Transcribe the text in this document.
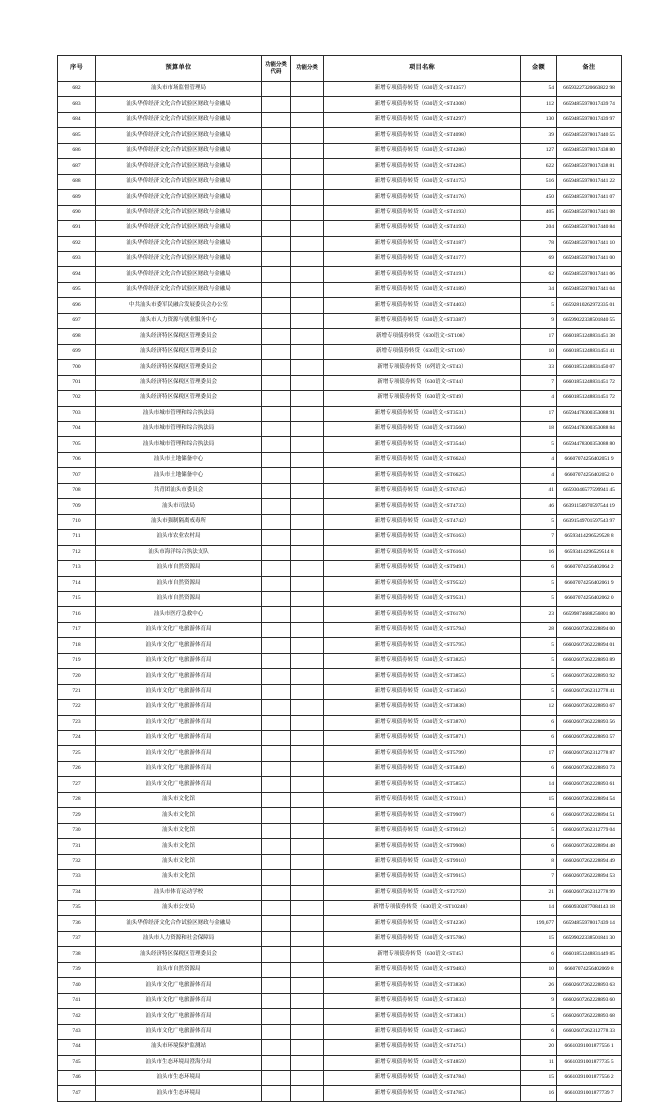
序号	预算单位	功能分类代码	功能分类	项目名称	金额	备注
682	汕头市市场监督管理局			新增专项债券转贷（630语文<ST4357）	54	66593227320663822 98
683	汕头华侨经济文化合作试验区财政与金融局			新增专项债券转贷（630语文<ST4308）	112	66594855978017439 74
684	汕头华侨经济文化合作试验区财政与金融局			新增专项债券转贷（630语文<ST4297）	130	66594855978017439 97
685	汕头华侨经济文化合作试验区财政与金融局			新增专项债券转贷（630语文<ST4098）	39	66594855978017440 55
686	汕头华侨经济文化合作试验区财政与金融局			新增专项债券转贷（630语文<ST4286）	127	66594855978017438 80
687	汕头华侨经济文化合作试验区财政与金融局			新增专项债券转贷（630语文<ST4285）	622	66594855978017438 81
688	汕头华侨经济文化合作试验区财政与金融局			新增专项债券转贷（630语文<ST4175）	516	66594855978017441 22
689	汕头华侨经济文化合作试验区财政与金融局			新增专项债券转贷（630语文<ST4176）	450	66594855978017441 07
690	汕头华侨经济文化合作试验区财政与金融局			新增专项债券转贷（630语文<ST4193）	405	66594855978017441 08
691	汕头华侨经济文化合作试验区财政与金融局			新增专项债券转贷（630语文<ST4193）	204	66594855978017440 84
692	汕头华侨经济文化合作试验区财政与金融局			新增专项债券转贷（630语文<ST4187）	78	66594855978017441 10
693	汕头华侨经济文化合作试验区财政与金融局			新增专项债券转贷（630语文<ST4177）	69	66594855978017441 00
694	汕头华侨经济文化合作试验区财政与金融局			新增专项债券转贷（630语文<ST4191）	62	66594855978017441 06
695	汕头华侨经济文化合作试验区财政与金融局			新增专项债券转贷（630语文<ST4189）	34	66594855978017441 04
696	中共汕头市委军民融合发展委员会办公室			新增专项债券转贷（630语文<ST4403）	5	66592810262972335 01
697	汕头市人力资源与就业服务中心			新增专项债券转贷（630语文<ST3387）	9	66599022338501840 55
698	汕头经济特区保税区管理委员会			新增专项债券转贷（630语文<ST108）	17	66601851248831451 38
699	汕头经济特区保税区管理委员会			新增专项债券转贷（630语文<ST109）	10	66601851248831451 41
700	汕头经济特区保税区管理委员会			新增专项债券转贷（6列语文<ST43）	33	66601851248831450 07
701	汕头经济特区保税区管理委员会			新增专项债券转贷（630语文<ST44）	7	66601851248831451 72
702	汕头经济特区保税区管理委员会			新增专项债券转贷（630语文<ST49）	4	66601851248831451 72
703	汕头市城市管理和综合执法局			新增专项债券转贷（630语文<ST3531）	17	66594478300353088 91
704	汕头市城市管理和综合执法局			新增专项债券转贷（630语文<ST3560）	18	66594478300353088 84
705	汕头市城市管理和综合执法局			新增专项债券转贷（630语文<ST3544）	5	66594478300353088 80
706	汕头市土地储备中心			新增专项债券转贷（630语文<ST6624）	4	66607074256402051 9
707	汕头市土地储备中心			新增专项债券转贷（630语文<ST6625）	4	66607074256402052 0
708	共青团汕头市委员会			新增专项债券转贷（630语文<ST6745）	41	66593046577599941 45
709	汕头市司法局			新增专项债券转贷（630语文<ST4733）	46	66391156970597544 19
710	汕头市强制隔离戒毒所			新增专项债券转贷（630语文<ST4742）	5	66391549701597543 97
711	汕头市农业农村局			新增专项债券转贷（630语文<ST6163）	7	66593414296529528 8
712	汕头市海洋综合执法支队			新增专项债券转贷（630语文<ST6164）	16	66593414296529514 8
713	汕头市自然资源局			新增专项债券转贷（630语文<ST9491）	6	66607074256402064 2
714	汕头市自然资源局			新增专项债券转贷（630语文<ST9532）	5	66607074256402061 9
715	汕头市自然资源局			新增专项债券转贷（630语文<ST9531）	5	66607074256402062 0
716	汕头市医疗急救中心			新增专项债券转贷（630语文<ST6178）	23	66599874688256801 80
717	汕头市文化广电旅游体育局			新增专项债券转贷（630语文<ST5794）	28	66602607262228894 00
718	汕头市文化广电旅游体育局			新增专项债券转贷（630语文<ST5795）	5	66602607262228894 01
719	汕头市文化广电旅游体育局			新增专项债券转贷（630语文<ST3825）	5	66602607262228893 89
720	汕头市文化广电旅游体育局			新增专项债券转贷（630语文<ST3855）	5	66602607262228893 92
721	汕头市文化广电旅游体育局			新增专项债券转贷（630语文<ST3856）	5	66602607262312778 41
722	汕头市文化广电旅游体育局			新增专项债券转贷（630语文<ST3838）	12	66602607262228893 67
723	汕头市文化广电旅游体育局			新增专项债券转贷（630语文<ST3870）	6	66602607262228893 56
724	汕头市文化广电旅游体育局			新增专项债券转贷（630语文<ST5871）	6	66602607262228893 57
725	汕头市文化广电旅游体育局			新增专项债券转贷（630语文<ST5799）	17	66602607262312778 87
726	汕头市文化广电旅游体育局			新增专项债券转贷（630语文<ST5849）	6	66602607262228893 73
727	汕头市文化广电旅游体育局			新增专项债券转贷（630语文<ST5855）	14	66602607262228893 61
728	汕头市文化馆			新增专项债券转贷（630语文<ST9311）	15	66602607262228894 54
729	汕头市文化馆			新增专项债券转贷（630语文<ST9907）	6	66602607262228894 51
730	汕头市文化馆			新增专项债券转贷（630语文<ST9912）	5	66602607262312779 04
731	汕头市文化馆			新增专项债券转贷（630语文<ST9908）	6	66602607262228894 48
732	汕头市文化馆			新增专项债券转贷（630语文<ST9910）	8	66602607262228894 49
733	汕头市文化馆			新增专项债券转贷（630语文<ST9915）	7	66602607262228894 53
734	汕头市体育运动学校			新增专项债券转贷（630语文<ST2759）	21	66602607262312778 99
735	汕头市公安局			新增专项债券转贷（630语文<ST10248）	14	66609302877084143 18
736	汕头华侨经济文化合作试验区财政与金融局			新增专项债券转贷（630语文<ST4236）	199,677	66594855978017439 14
737	汕头市人力资源和社会保障局			新增专项债券转贷（630语文<ST5786）	15	66599022338501841 30
738	汕头经济特区保税区管理委员会			新增专项债券转贷（630语文<ST45）	6	66601851248831449 85
739	汕头市自然资源局			新增专项债券转贷（630语文<ST9483）	10	66607074256402069 8
740	汕头市文化广电旅游体育局			新增专项债券转贷（630语文<ST3836）	26	66602607262228893 63
741	汕头市文化广电旅游体育局			新增专项债券转贷（630语文<ST3833）	9	66602607262228893 60
742	汕头市文化广电旅游体育局			新增专项债券转贷（630语文<ST3831）	5	66602607262228893 68
743	汕头市文化广电旅游体育局			新增专项债券转贷（630语文<ST3865）	6	66602607262312778 33
744	汕头市环境保护监测站			新增专项债券转贷（630语文<ST4751）	20	66610391001877556 1
745	汕头市生态环境局澄海分局			新增专项债券转贷（630语文<ST4859）	11	66610391001877735 5
746	汕头市生态环境局			新增专项债券转贷（630语文<ST4784）	15	66610391001877556 2
747	汕头市生态环境局			新增专项债券转贷（630语文<ST4785）	16	66610391001877739 7
